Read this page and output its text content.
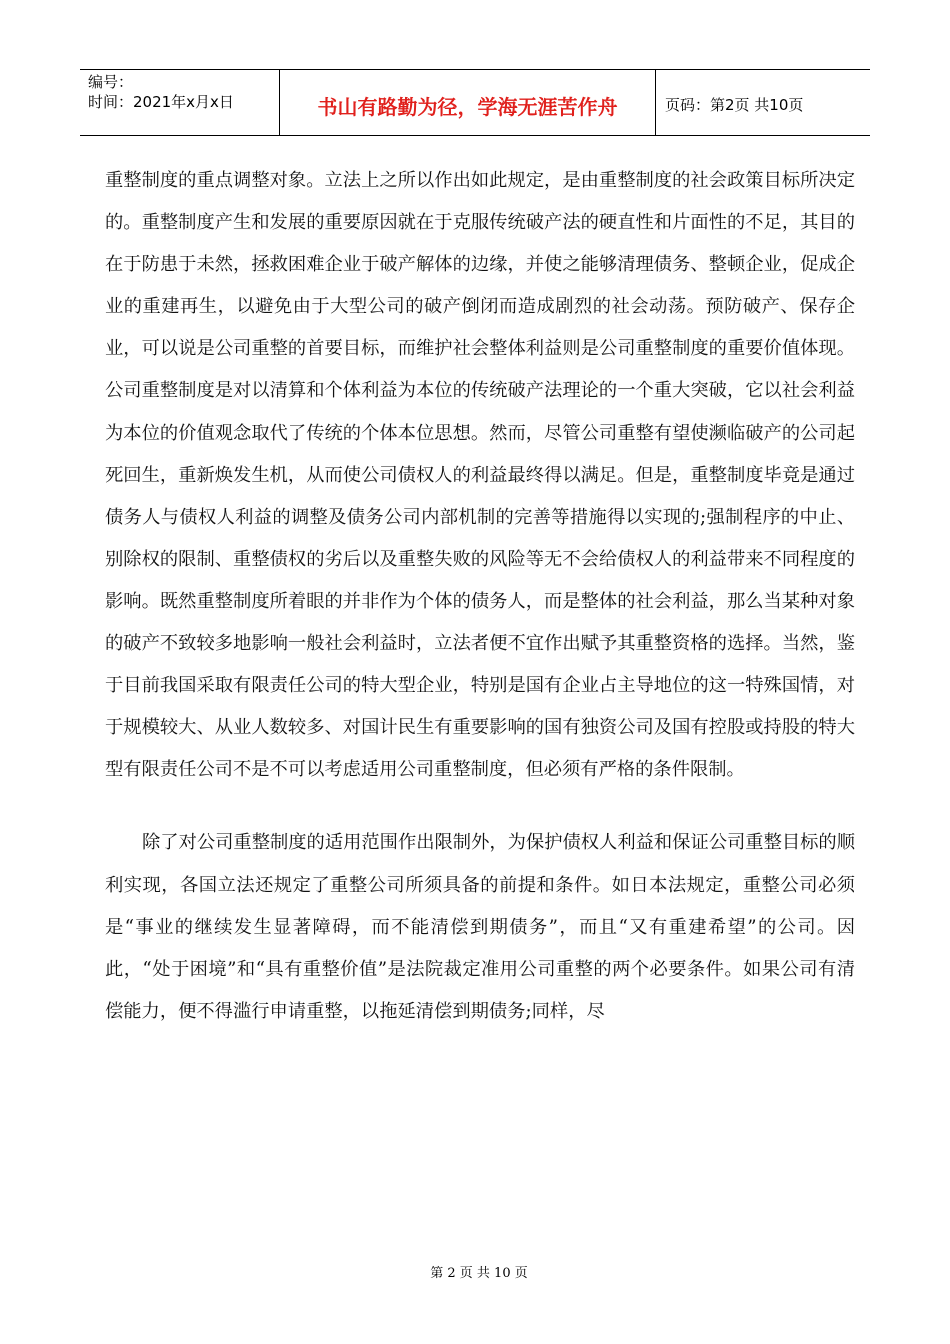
编号：
时间：2021年x月x日	书山有路勤为径，学海无涯苦作舟	页码：第2页 共10页

重整制度的重点调整对象。立法上之所以作出如此规定，是由重整制度的社会政策目标所决定的。重整制度产生和发展的重要原因就在于克服传统破产法的硬直性和片面性的不足，其目的在于防患于未然，拯救困难企业于破产解体的边缘，并使之能够清理债务、整顿企业，促成企业的重建再生，以避免由于大型公司的破产倒闭而造成剧烈的社会动荡。预防破产、保存企业，可以说是公司重整的首要目标，而维护社会整体利益则是公司重整制度的重要价值体现。公司重整制度是对以清算和个体利益为本位的传统破产法理论的一个重大突破，它以社会利益为本位的价值观念取代了传统的个体本位思想。然而，尽管公司重整有望使濒临破产的公司起死回生，重新焕发生机，从而使公司债权人的利益最终得以满足。但是，重整制度毕竟是通过债务人与债权人利益的调整及债务公司内部机制的完善等措施得以实现的;强制程序的中止、别除权的限制、重整债权的劣后以及重整失败的风险等无不会给债权人的利益带来不同程度的影响。既然重整制度所着眼的并非作为个体的债务人，而是整体的社会利益，那么当某种对象的破产不致较多地影响一般社会利益时，立法者便不宜作出赋予其重整资格的选择。当然，鉴于目前我国采取有限责任公司的特大型企业，特别是国有企业占主导地位的这一特殊国情，对于规模较大、从业人数较多、对国计民生有重要影响的国有独资公司及国有控股或持股的特大型有限责任公司不是不可以考虑适用公司重整制度，但必须有严格的条件限制。

除了对公司重整制度的适用范围作出限制外，为保护债权人利益和保证公司重整目标的顺利实现，各国立法还规定了重整公司所须具备的前提和条件。如日本法规定，重整公司必须是“事业的继续发生显著障碍，而不能清偿到期债务”，而且“又有重建希望”的公司。因此，“处于困境”和“具有重整价值”是法院裁定准用公司重整的两个必要条件。如果公司有清偿能力，便不得滥行申请重整，以拖延清偿到期债务;同样，尽

第 2 页 共 10 页
